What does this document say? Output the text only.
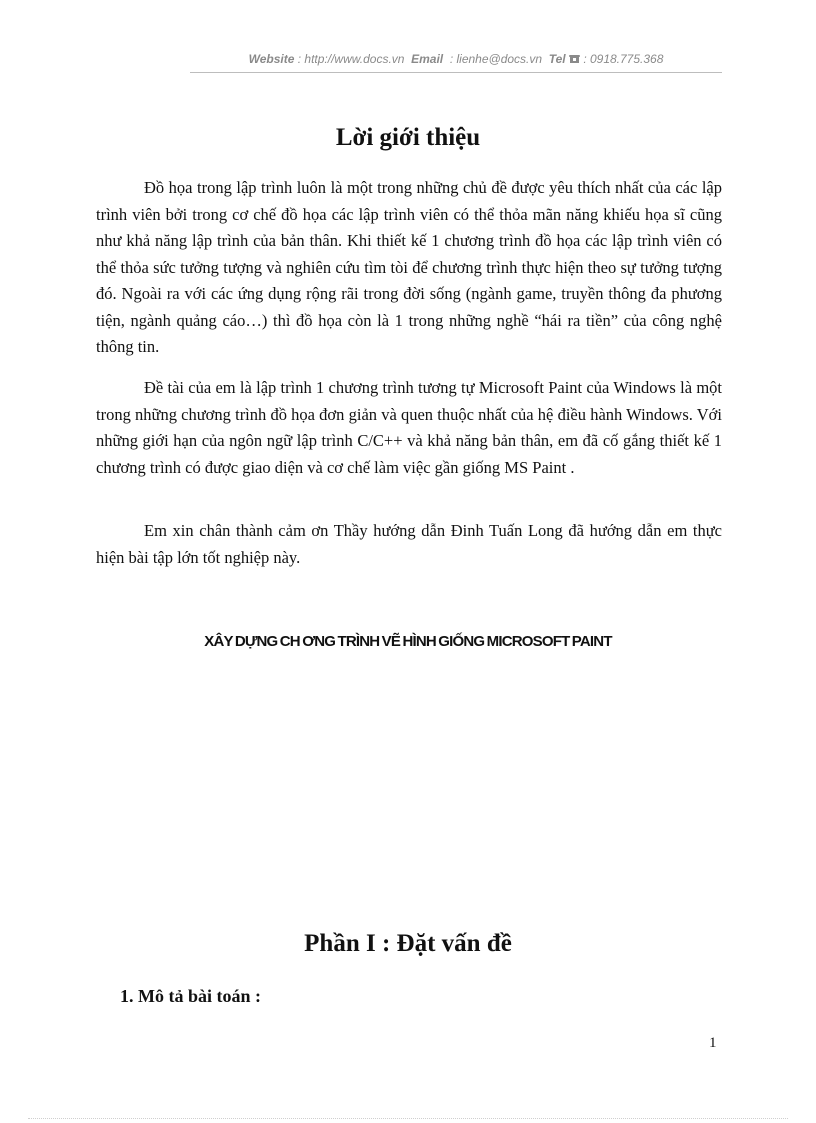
Website : http://www.docs.vn Email : lienhe@docs.vn Tel : 0918.775.368
Lời giới thiệu

Đồ họa trong lập trình luôn là một trong những chủ đề được yêu thích nhất của các lập trình viên bởi trong cơ chế đồ họa các lập trình viên có thể thỏa mãn năng khiếu họa sĩ cũng như khả năng lập trình của bản thân. Khi thiết kế 1 chương trình đồ họa các lập trình viên có thể thỏa sức tưởng tượng và nghiên cứu tìm tòi để chương trình thực hiện theo sự tưởng tượng đó. Ngoài ra với các ứng dụng rộng rãi trong đời sống (ngành game, truyền thông đa phương tiện, ngành quảng cáo…) thì đồ họa còn là 1 trong những nghề “hái ra tiền” của công nghệ thông tin.

Đề tài của em là lập trình 1 chương trình tương tự Microsoft Paint của Windows là một trong những chương trình đồ họa đơn giản và quen thuộc nhất của hệ điều hành Windows. Với những giới hạn của ngôn ngữ lập trình C/C++ và khả năng bản thân, em đã cố gắng thiết kế 1 chương trình có được giao diện và cơ chế làm việc gần giống MS Paint .

Em xin chân thành cảm ơn Thầy hướng dẫn Đinh Tuấn Long đã hướng dẫn em thực hiện bài tập lớn tốt nghiệp này.

XÂY DỰNG CH ƠNG TRÌNH VẼ HÌNH GIỐNG MICROSOFT PAINT
Phần I : Đặt vấn đề
1. Mô tả bài toán :
1
